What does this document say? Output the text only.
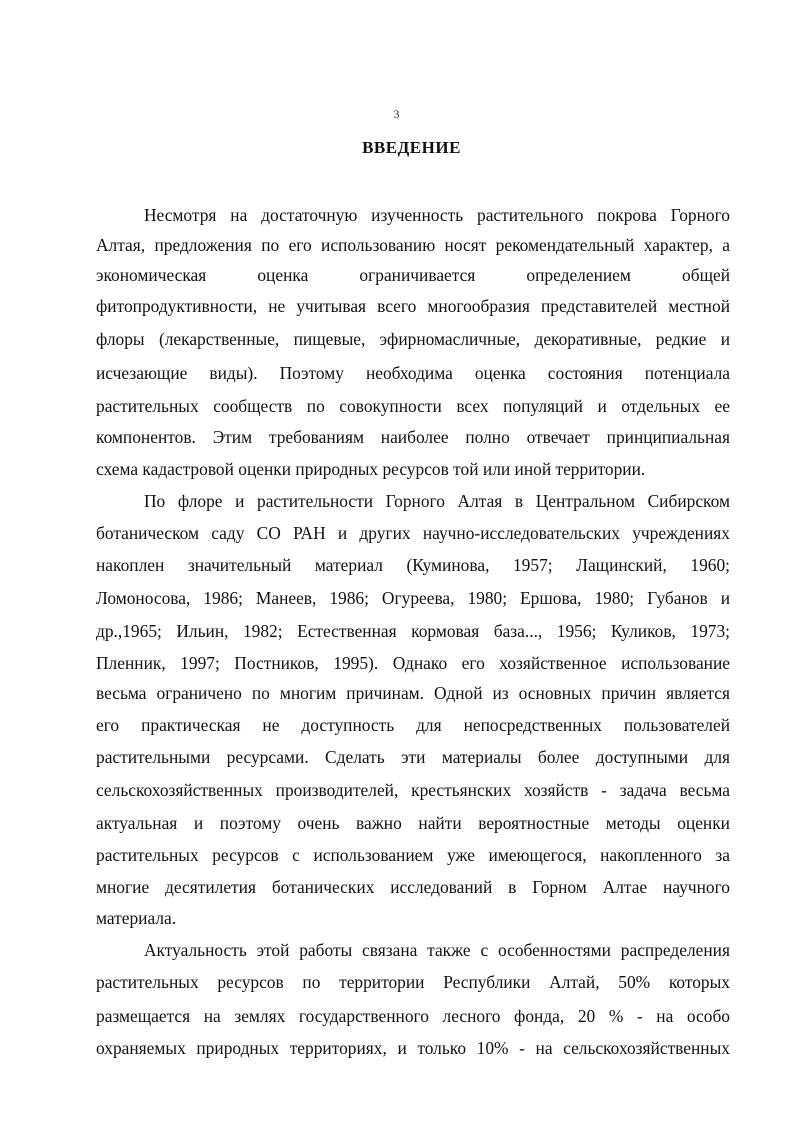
3
ВВЕДЕНИЕ
Несмотря на достаточную изученность растительного покрова Горного
Алтая, предложения по его использованию носят рекомендательный характер, а
экономическая оценка ограничивается определением общей
фитопродуктивности, не учитывая всего многообразия представителей местной
флоры (лекарственные, пищевые, эфирномасличные, декоративные, редкие и
исчезающие виды). Поэтому необходима оценка состояния потенциала
растительных сообществ по совокупности всех популяций и отдельных ее
компонентов. Этим требованиям наиболее полно отвечает принципиальная
схема кадастровой оценки природных ресурсов той или иной территории.
По флоре и растительности Горного Алтая в Центральном Сибирском
ботаническом саду СО РАН и других научно-исследовательских учреждениях
накоплен значительный материал (Куминова, 1957; Лащинский, 1960;
Ломоносова, 1986; Манеев, 1986; Огуреева, 1980; Ершова, 1980; Губанов и
др.,1965; Ильин, 1982; Естественная кормовая база..., 1956; Куликов, 1973;
Пленник, 1997; Постников, 1995). Однако его хозяйственное использование
весьма ограничено по многим причинам. Одной из основных причин является
его практическая не доступность для непосредственных пользователей
растительными ресурсами. Сделать эти материалы более доступными для
сельскохозяйственных производителей, крестьянских хозяйств - задача весьма
актуальная и поэтому очень важно найти вероятностные методы оценки
растительных ресурсов с использованием уже имеющегося, накопленного за
многие десятилетия ботанических исследований в Горном Алтае научного
материала.
Актуальность этой работы связана также с особенностями распределения
растительных ресурсов по территории Республики Алтай, 50% которых
размещается на землях государственного лесного фонда, 20 % - на особо
охраняемых природных территориях, и только 10% - на сельскохозяйственных
